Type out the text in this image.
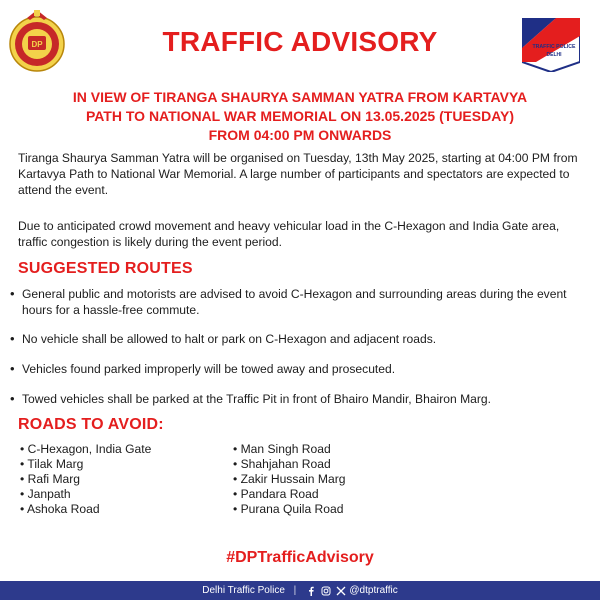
DP	TRAFFIC ADVISORY	TRAFFIC POLICE
DELHI
IN VIEW OF TIRANGA SHAURYA SAMMAN YATRA FROM KARTAVYA
PATH TO NATIONAL WAR MEMORIAL ON 13.05.2025 (TUESDAY)
FROM 04:00 PM ONWARDS

Tiranga Shaurya Samman Yatra will be organised on Tuesday, 13th May 2025, starting at 04:00 PM from Kartavya Path to National War Memorial. A large number of participants and spectators are expected to attend the event.

Due to anticipated crowd movement and heavy vehicular load in the C-Hexagon and India Gate area, traffic congestion is likely during the event period.

SUGGESTED ROUTES
• General public and motorists are advised to avoid C-Hexagon and surrounding areas during the event hours for a hassle-free commute.
• No vehicle shall be allowed to halt or park on C-Hexagon and adjacent roads.
• Vehicles found parked improperly will be towed away and prosecuted.
• Towed vehicles shall be parked at the Traffic Pit in front of Bhairo Mandir, Bhairon Marg.
ROADS TO AVOID:
• C-Hexagon, India Gate
• Tilak Marg
• Rafi Marg
• Janpath
• Ashoka Road
• Man Singh Road
• Shahjahan Road
• Zakir Hussain Marg
• Pandara Road
• Purana Quila Road
#DPTrafficAdvisory
Delhi Traffic Police |	@dtptraffic
